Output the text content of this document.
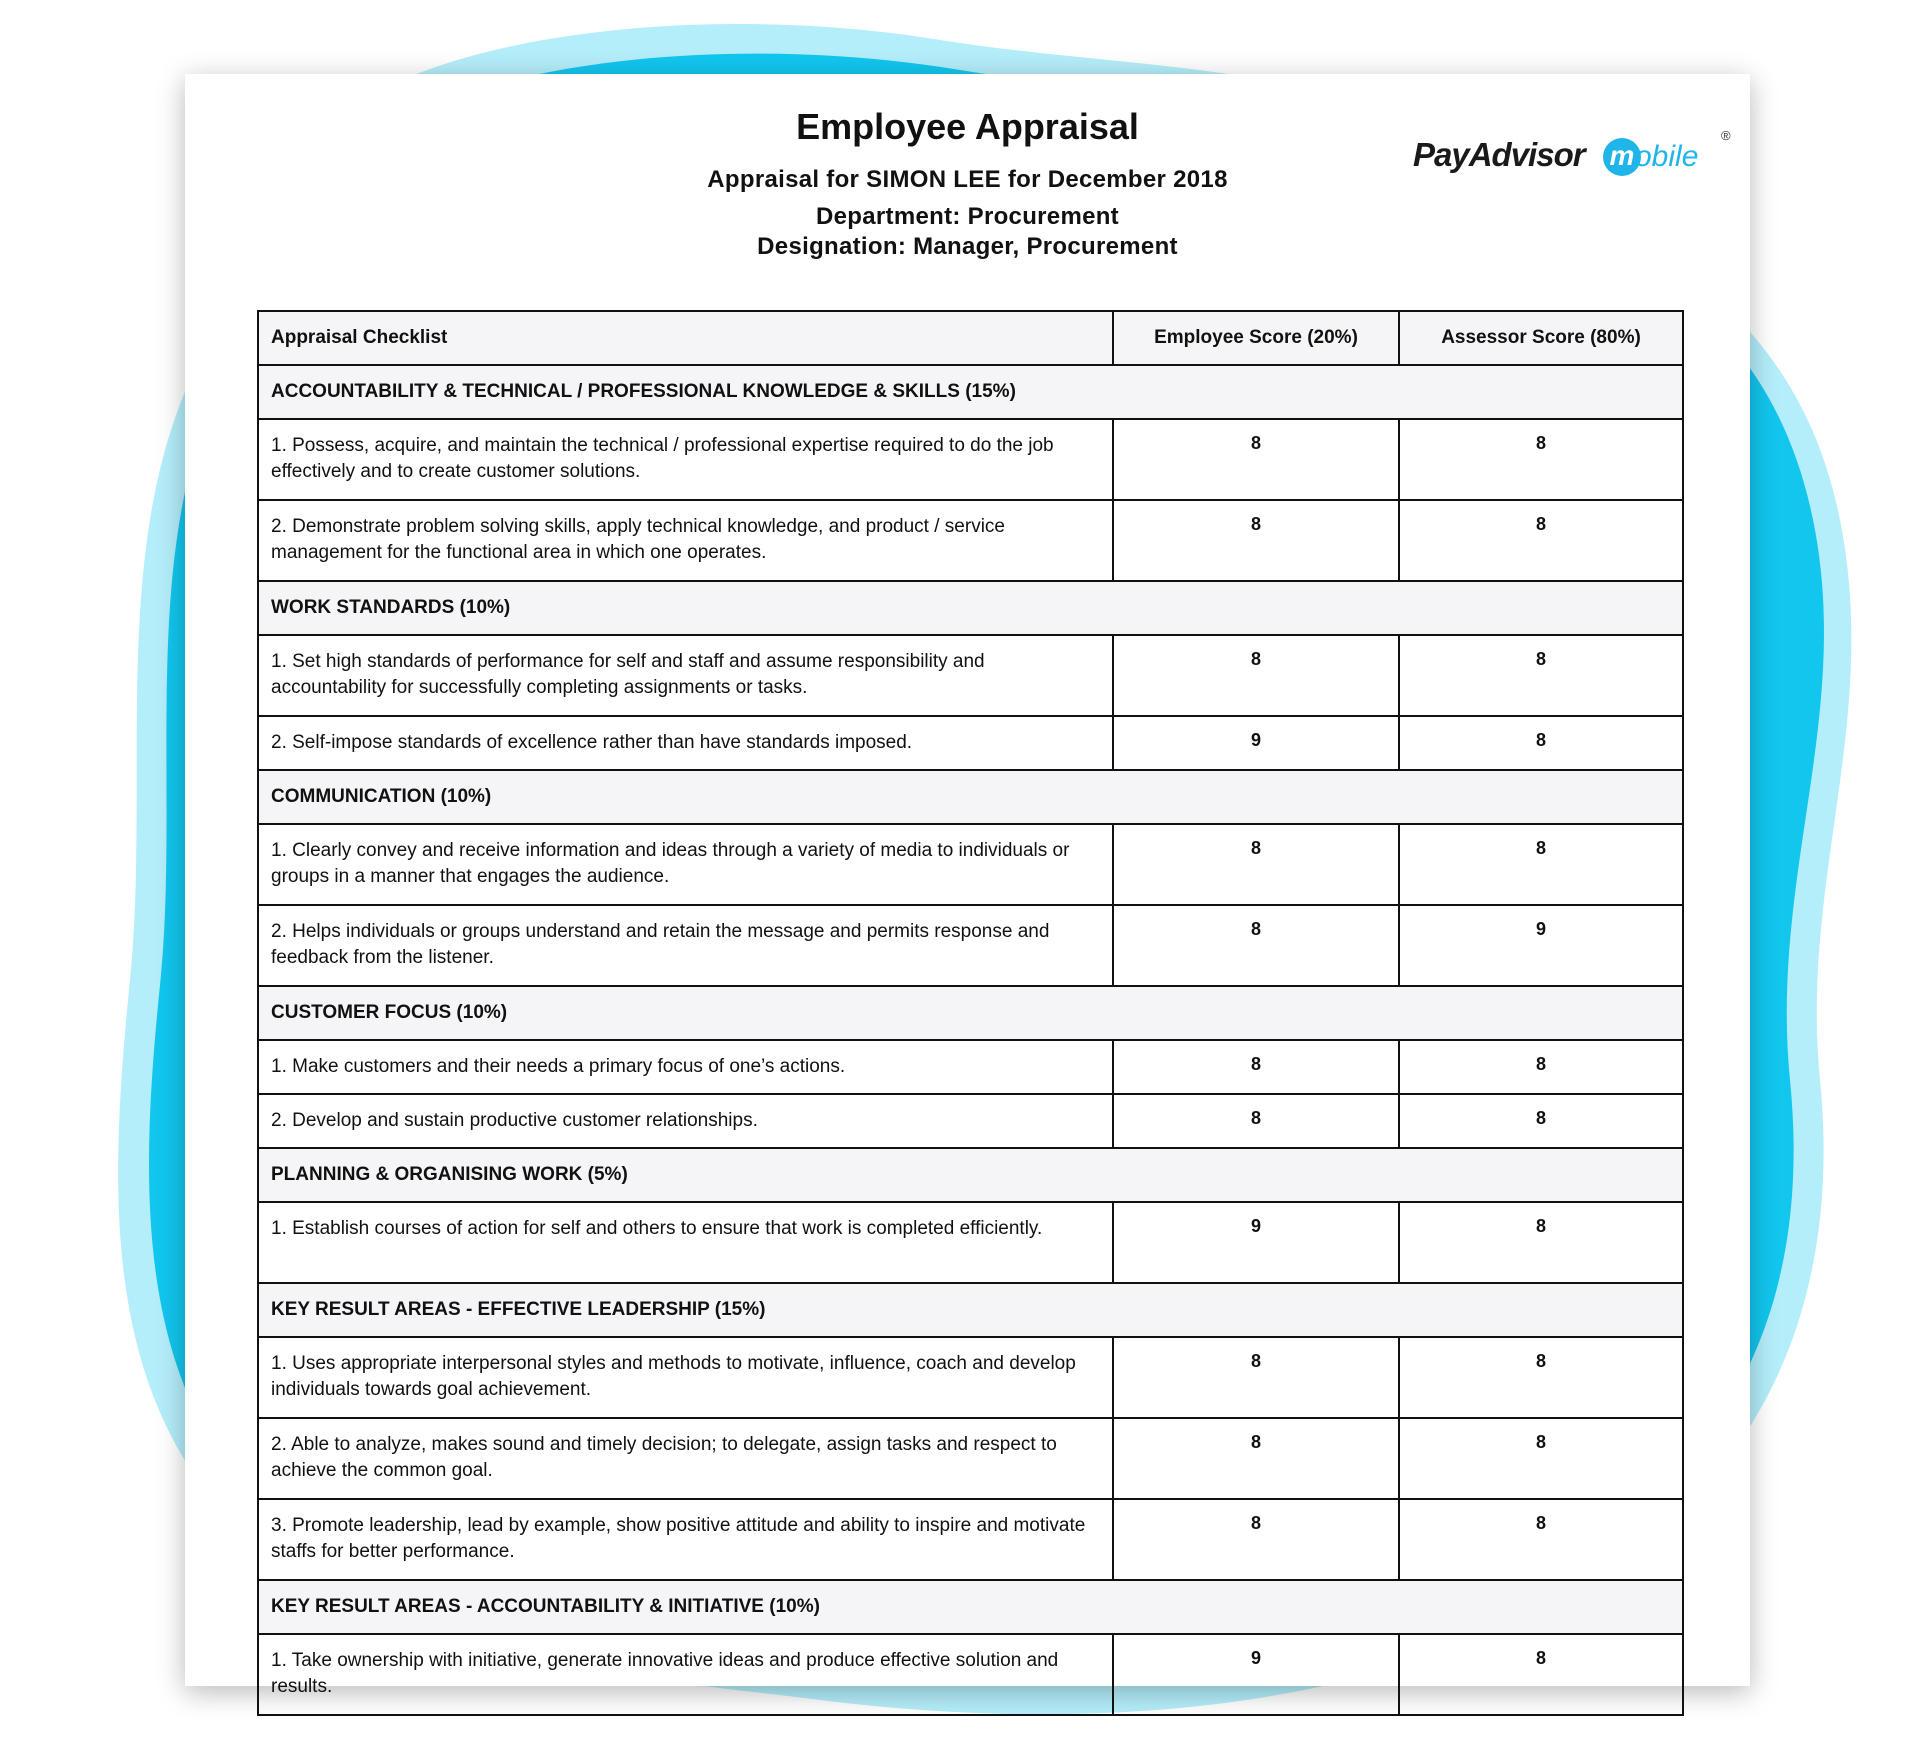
Employee Appraisal
Appraisal for SIMON LEE for December 2018
Department: Procurement
Designation: Manager, Procurement
PayAdvisor m obile
®
Appraisal Checklist	Employee Score (20%)	Assessor Score (80%)
ACCOUNTABILITY & TECHNICAL / PROFESSIONAL KNOWLEDGE & SKILLS (15%)		
1. Possess, acquire, and maintain the technical / professional expertise required to do the job effectively and to create customer solutions.	8	8
2. Demonstrate problem solving skills, apply technical knowledge, and product / service management for the functional area in which one operates.	8	8
WORK STANDARDS (10%)		
1. Set high standards of performance for self and staff and assume responsibility and accountability for successfully completing assignments or tasks.	8	8
2. Self-impose standards of excellence rather than have standards imposed.	9	8
COMMUNICATION (10%)		
1. Clearly convey and receive information and ideas through a variety of media to individuals or groups in a manner that engages the audience.	8	8
2. Helps individuals or groups understand and retain the message and permits response and feedback from the listener.	8	9
CUSTOMER FOCUS (10%)		
1. Make customers and their needs a primary focus of one’s actions.	8	8
2. Develop and sustain productive customer relationships.	8	8
PLANNING & ORGANISING WORK (5%)		
1. Establish courses of action for self and others to ensure that work is completed efficiently.	9	8
KEY RESULT AREAS - EFFECTIVE LEADERSHIP (15%)		
1. Uses appropriate interpersonal styles and methods to motivate, influence, coach and develop individuals towards goal achievement.	8	8
2. Able to analyze, makes sound and timely decision; to delegate, assign tasks and respect to achieve the common goal.	8	8
3. Promote leadership, lead by example, show positive attitude and ability to inspire and motivate staffs for better performance.	8	8
KEY RESULT AREAS - ACCOUNTABILITY & INITIATIVE (10%)		
1. Take ownership with initiative, generate innovative ideas and produce effective solution and results.	9	8
